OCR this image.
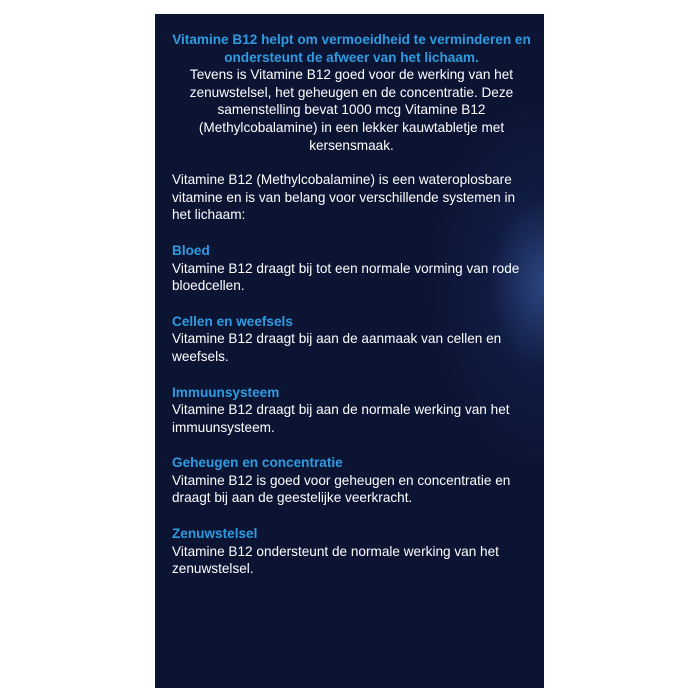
Vitamine B12 helpt om vermoeidheid te verminderen en ondersteunt de afweer van het lichaam.
Tevens is Vitamine B12 goed voor de werking van het zenuwstelsel, het geheugen en de concentratie. Deze samenstelling bevat 1000 mcg Vitamine B12 (Methylcobalamine) in een lekker kauwtabletje met kersensmaak.

Vitamine B12 (Methylcobalamine) is een wateroplosbare vitamine en is van belang voor verschillende systemen in het lichaam:

Bloed
Vitamine B12 draagt bij tot een normale vorming van rode bloedcellen.
Cellen en weefsels
Vitamine B12 draagt bij aan de aanmaak van cellen en weefsels.
Immuunsysteem
Vitamine B12 draagt bij aan de normale werking van het immuunsysteem.
Geheugen en concentratie
Vitamine B12 is goed voor geheugen en concentratie en draagt bij aan de geestelijke veerkracht.
Zenuwstelsel
Vitamine B12 ondersteunt de normale werking van het zenuwstelsel.
